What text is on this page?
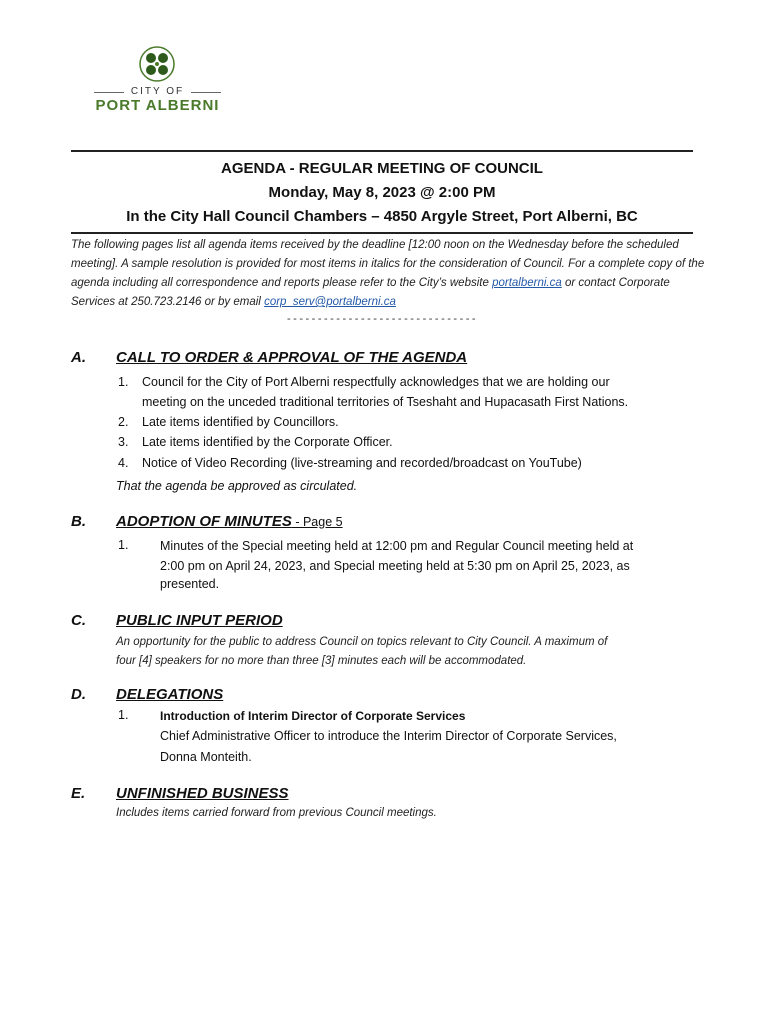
CITY OF
PORT ALBERNI
AGENDA - REGULAR MEETING OF COUNCIL
Monday, May 8, 2023 @ 2:00 PM
In the City Hall Council Chambers – 4850 Argyle Street, Port Alberni, BC
The following pages list all agenda items received by the deadline [12:00 noon on the Wednesday before the scheduled meeting]. A sample resolution is provided for most items in italics for the consideration of Council. For a complete copy of the agenda including all correspondence and reports please refer to the City’s website portalberni.ca or contact Corporate Services at 250.723.2146 or by email corp_serv@portalberni.ca
-------------------------------
A. CALL TO ORDER & APPROVAL OF THE AGENDA
1. Council for the City of Port Alberni respectfully acknowledges that we are holding our
meeting on the unceded traditional territories of Tseshaht and Hupacasath First Nations.
2. Late items identified by Councillors.
3. Late items identified by the Corporate Officer.
4. Notice of Video Recording (live-streaming and recorded/broadcast on YouTube)
That the agenda be approved as circulated.
B. ADOPTION OF MINUTES - Page 5
1.	Minutes of the Special meeting held at 12:00 pm and Regular Council meeting held at
2:00 pm on April 24, 2023, and Special meeting held at 5:30 pm on April 25, 2023, as
presented.
C. PUBLIC INPUT PERIOD
An opportunity for the public to address Council on topics relevant to City Council. A maximum of
four [4] speakers for no more than three [3] minutes each will be accommodated.
D. DELEGATIONS
1.	Introduction of Interim Director of Corporate Services
Chief Administrative Officer to introduce the Interim Director of Corporate Services,
Donna Monteith.
E. UNFINISHED BUSINESS
Includes items carried forward from previous Council meetings.
